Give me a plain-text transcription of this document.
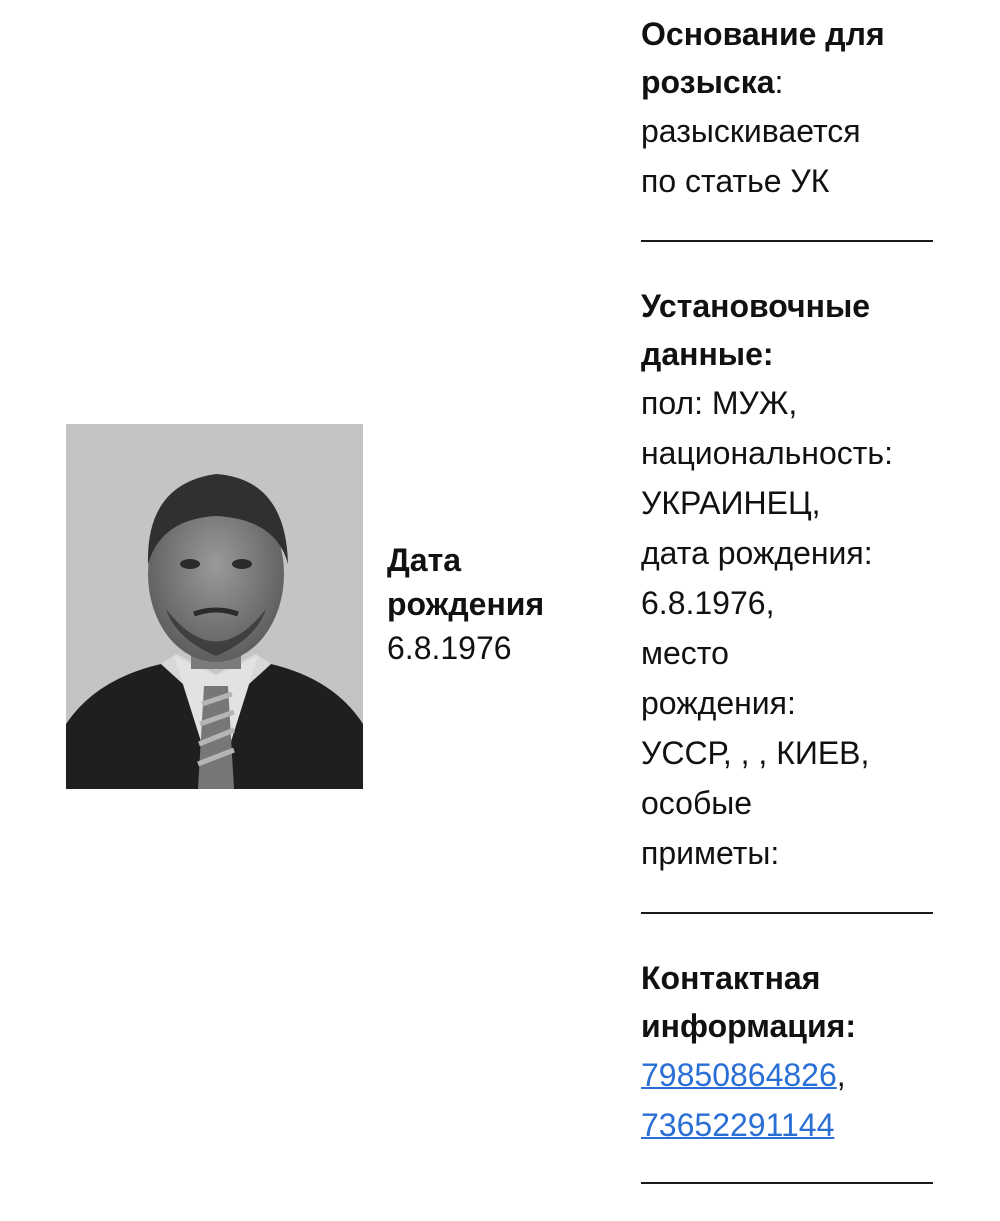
Дата
рождения
6.8.1976
Основание для
розыска:
разыскивается
по статье УК
Установочные
данные:
пол: МУЖ,
национальность:
УКРАИНЕЦ,
дата рождения:
6.8.1976,
место
рождения:
УССР, , , КИЕВ,
особые
приметы:
Контактная
информация:
79850864826,
73652291144
